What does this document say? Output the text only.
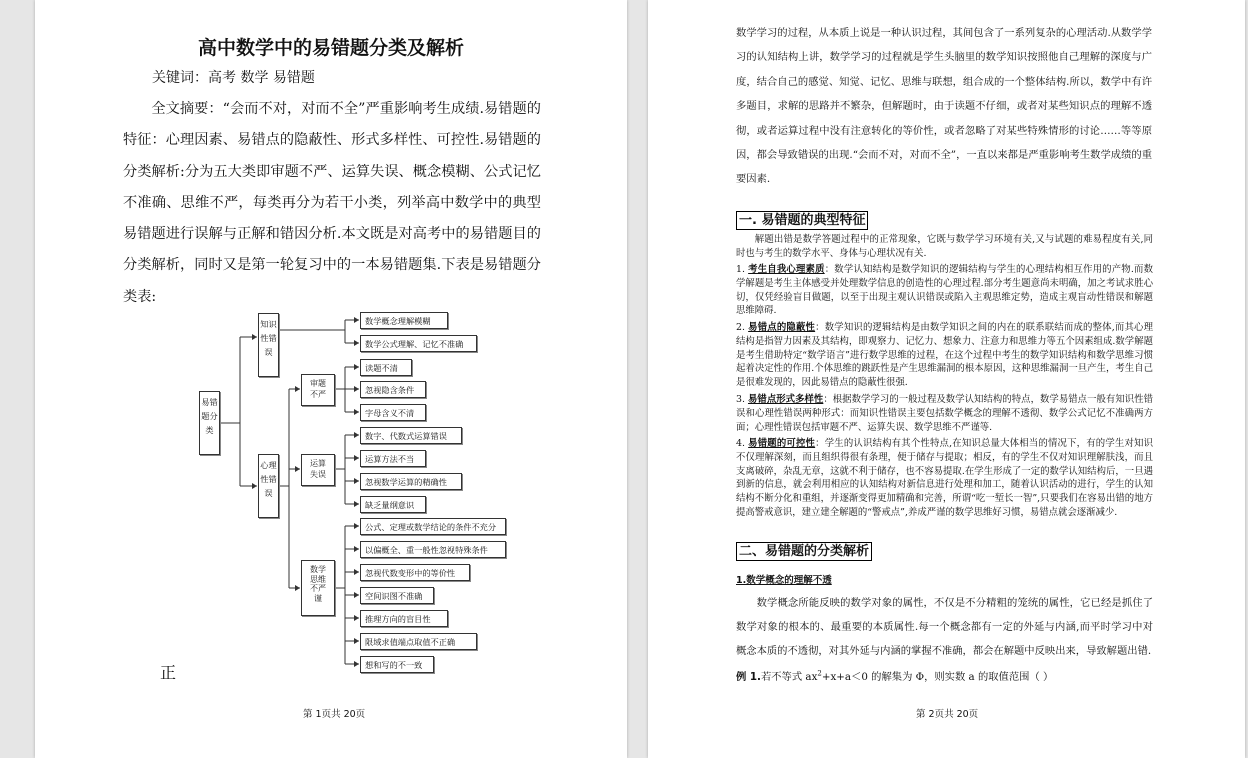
高中数学中的易错题分类及解析
关键词：高考 数学 易错题

全文摘要：“会而不对，对而不全”严重影响考生成绩.易错题的特征：心理因素、易错点的隐蔽性、形式多样性、可控性.易错题的分类解析:分为五大类即审题不严、运算失误、概念模糊、公式记忆不准确、思维不严，每类再分为若干小类，列举高中数学中的典型易错题进行误解与正解和错因分析.本文既是对高考中的易错题目的分类解析，同时又是第一轮复习中的一本易错题集.下表是易错题分类表:

易错题分类
知识性错误
心理性错误
数学概念理解模糊
数学公式理解、记忆不准确
审题不严
读题不清
忽视隐含条件
字母含义不清
运算失误
数字、代数式运算错误
运算方法不当
忽视数学运算的精确性
缺乏量纲意识
数学思维不严谨
公式、定理或数学结论的条件不充分
以偏概全、重一般性忽视特殊条件
忽视代数变形中的等价性
空间识图不准确
推理方向的盲目性
限域求值端点取值不正确
想和写的不一致
正
第 1页共 20页

数学学习的过程，从本质上说是一种认识过程，其间包含了一系列复杂的心理活动.从数学学习的认知结构上讲，数学学习的过程就是学生头脑里的数学知识按照他自己理解的深度与广度，结合自己的感觉、知觉、记忆、思维与联想，组合成的一个整体结构.所以，数学中有许多题目，求解的思路并不繁杂，但解题时，由于读题不仔细，或者对某些知识点的理解不透彻，或者运算过程中没有注意转化的等价性，或者忽略了对某些特殊情形的讨论……等等原因，都会导致错误的出现.“会而不对，对而不全”，一直以来都是严重影响考生数学成绩的重要因素.

一. 易错题的典型特征

解题出错是数学答题过程中的正常现象，它既与数学学习环境有关,又与试题的难易程度有关,同时也与考生的数学水平、身体与心理状况有关.

1. 考生自我心理素质：数学认知结构是数学知识的逻辑结构与学生的心理结构相互作用的产物.而数学解题是考生主体感受并处理数学信息的创造性的心理过程.部分考生题意尚未明确，加之考试求胜心切，仅凭经验盲目做题，以至于出现主观认识错误或陷入主观思维定势，造成主观盲动性错误和解题思维障碍.

2. 易错点的隐蔽性：数学知识的逻辑结构是由数学知识之间的内在的联系联结而成的整体,而其心理结构是指智力因素及其结构，即观察力、记忆力、想象力、注意力和思维力等五个因素组成.数学解题是考生借助特定“数学语言”进行数学思维的过程，在这个过程中考生的数学知识结构和数学思维习惯起着决定性的作用.个体思维的跳跃性是产生思维漏洞的根本原因，这种思维漏洞一旦产生，考生自己是很难发现的，因此易错点的隐蔽性很强.

3. 易错点形式多样性：根据数学学习的一般过程及数学认知结构的特点，数学易错点一般有知识性错误和心理性错误两种形式：而知识性错误主要包括数学概念的理解不透彻、数学公式记忆不准确两方面；心理性错误包括审题不严、运算失误、数学思维不严谨等.

4. 易错题的可控性：学生的认识结构有其个性特点,在知识总量大体相当的情况下，有的学生对知识不仅理解深刻，而且组织得很有条理，便于储存与提取；相反，有的学生不仅对知识理解肤浅，而且支离破碎，杂乱无章，这就不利于储存，也不容易提取.在学生形成了一定的数学认知结构后，一旦遇到新的信息，就会利用相应的认知结构对新信息进行处理和加工，随着认识活动的进行，学生的认知结构不断分化和重组，并逐渐变得更加精确和完善，所谓“吃一堑长一智”,只要我们在容易出错的地方提高警戒意识，建立建全解题的“警戒点”,养成严谨的数学思维好习惯，易错点就会逐渐减少.

二、易错题的分类解析
1.数学概念的理解不透

数学概念所能反映的数学对象的属性，不仅是不分精粗的笼统的属性，它已经是抓住了数学对象的根本的、最重要的本质属性.每一个概念都有一定的外延与内涵,而平时学习中对概念本质的不透彻，对其外延与内涵的掌握不准确，都会在解题中反映出来，导致解题出错.

例 1.若不等式 $ax^2+x+a<0$ 的解集为 Φ，则实数 a 的取值范围（ ）
第 2页共 20页
